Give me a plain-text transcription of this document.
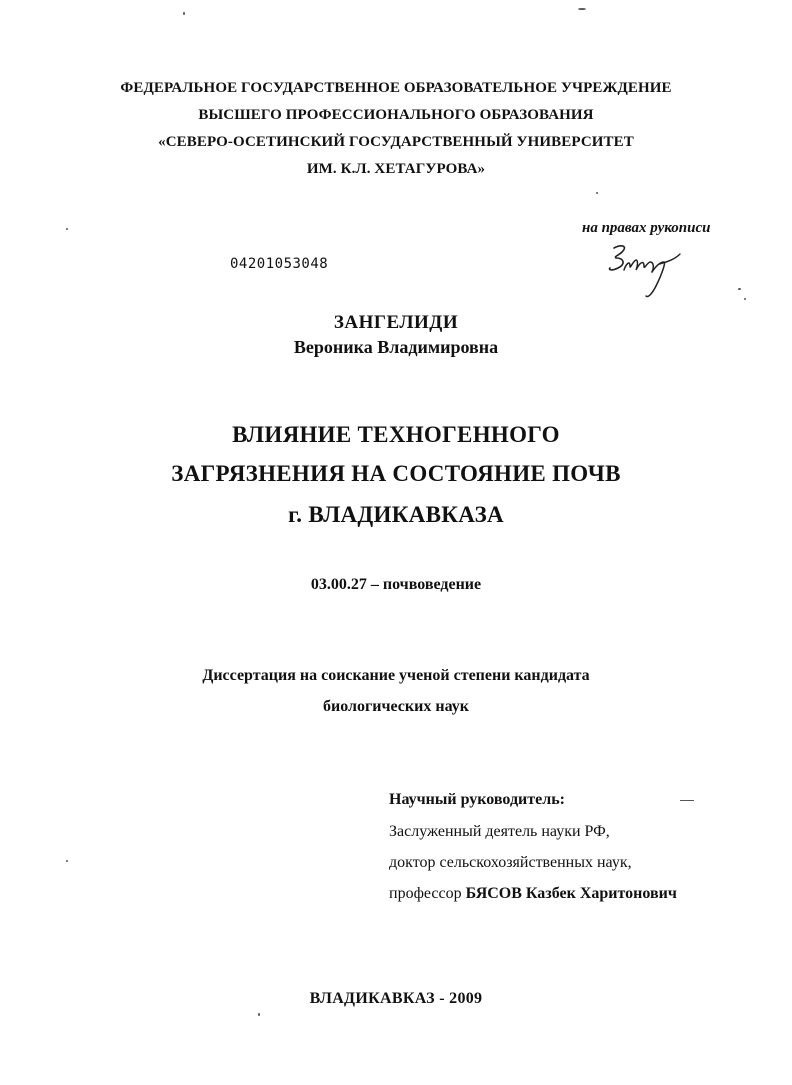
ФЕДЕРАЛЬНОЕ ГОСУДАРСТВЕННОЕ ОБРАЗОВАТЕЛЬНОЕ УЧРЕЖДЕНИЕ
ВЫСШЕГО ПРОФЕССИОНАЛЬНОГО ОБРАЗОВАНИЯ
«СЕВЕРО-ОСЕТИНСКИЙ ГОСУДАРСТВЕННЫЙ УНИВЕРСИТЕТ
ИМ. К.Л. ХЕТАГУРОВА»
на правах рукописи
04201053048
ЗАНГЕЛИДИ
Вероника Владимировна
ВЛИЯНИЕ ТЕХНОГЕННОГО
ЗАГРЯЗНЕНИЯ НА СОСТОЯНИЕ ПОЧВ
г. ВЛАДИКАВКАЗА
03.00.27 – почвоведение
Диссертация на соискание ученой степени кандидата
биологических наук
Научный руководитель:
Заслуженный деятель науки РФ,
доктор сельскохозяйственных наук,
профессор БЯСОВ Казбек Харитонович
ВЛАДИКАВКАЗ - 2009
